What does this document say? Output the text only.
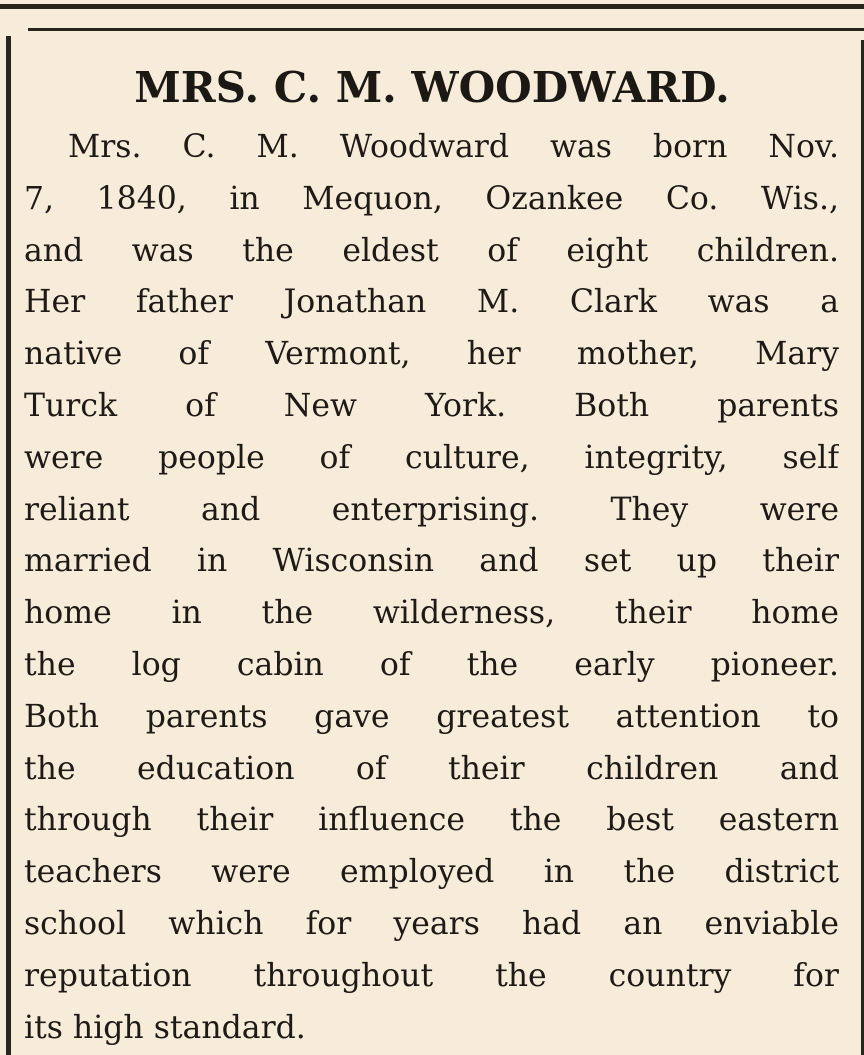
MRS. C. M. WOODWARD.
Mrs. C. M. Woodward was born Nov.
7, 1840, in Mequon, Ozankee Co. Wis.,
and was the eldest of eight children.
Her father Jonathan M. Clark was a
native of Vermont, her mother, Mary
Turck of New York. Both parents
were people of culture, integrity, self
reliant and enterprising. They were
married in Wisconsin and set up their
home in the wilderness, their home
the log cabin of the early pioneer.
Both parents gave greatest attention to
the education of their children and
through their influence the best eastern
teachers were employed in the district
school which for years had an enviable
reputation throughout the country for
its high standard.
